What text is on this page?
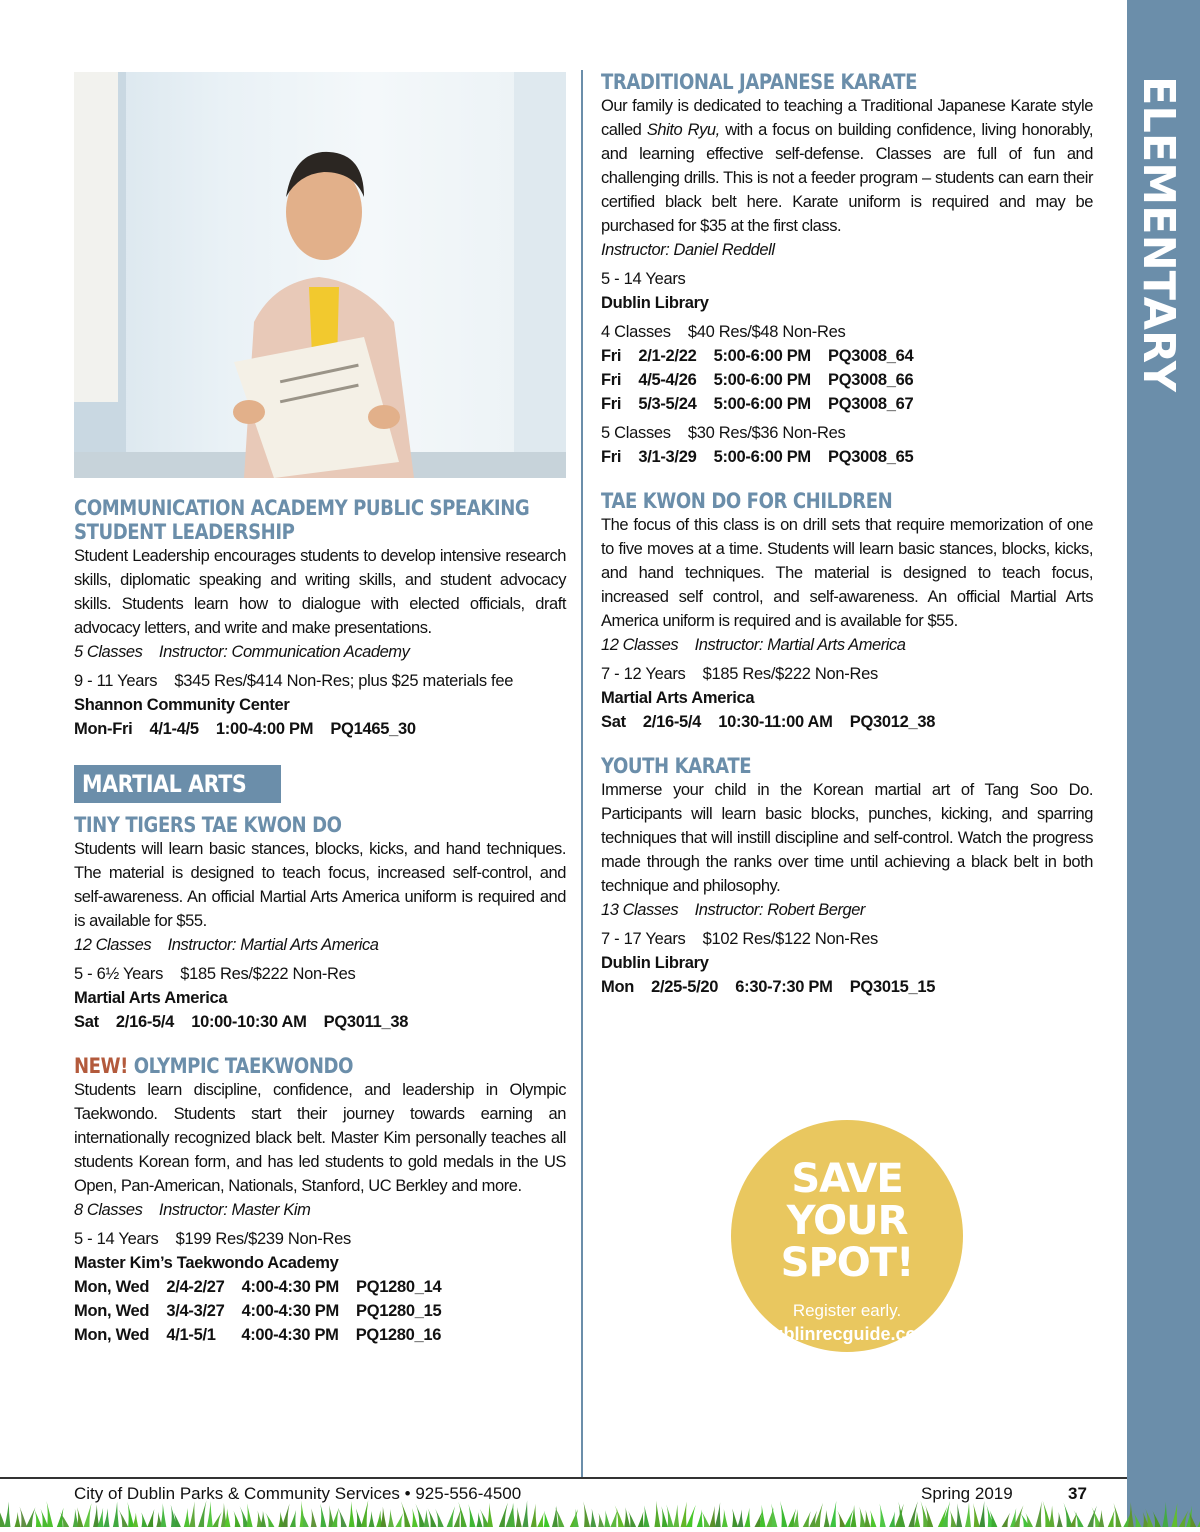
ELEMENTARY

COMMUNICATION ACADEMY PUBLIC SPEAKING

STUDENT LEADERSHIP

Student Leadership encourages students to develop intensive research skills, diplomatic speaking and writing skills, and student advocacy skills. Students learn how to dialogue with elected officials, draft advocacy letters, and write and make presentations.

5 Classes    Instructor: Communication Academy

9 - 11 Years    $345 Res/$414 Non-Res; plus $25 materials fee

Shannon Community Center

Mon-Fri    4/1-4/5    1:00-4:00 PM    PQ1465_30

MARTIAL ARTS

TINY TIGERS TAE KWON DO

Students will learn basic stances, blocks, kicks, and hand techniques. The material is designed to teach focus, increased self-control, and self-awareness. An official Martial Arts America uniform is required and is available for $55.

12 Classes    Instructor: Martial Arts America

5 - 6½ Years    $185 Res/$222 Non-Res

Martial Arts America

Sat    2/16-5/4    10:00-10:30 AM    PQ3011_38

NEW! OLYMPIC TAEKWONDO

Students learn discipline, confidence, and leadership in Olympic Taekwondo. Students start their journey towards earning an internationally recognized black belt. Master Kim personally teaches all students Korean form, and has led students to gold medals in the US Open, Pan-American, Nationals, Stanford, UC Berkley and more.

8 Classes    Instructor: Master Kim

5 - 14 Years    $199 Res/$239 Non-Res

Master Kim’s Taekwondo Academy

Mon, Wed    2/4-2/27    4:00-4:30 PM    PQ1280_14

Mon, Wed    3/4-3/27    4:00-4:30 PM    PQ1280_15

Mon, Wed    4/1-5/1      4:00-4:30 PM    PQ1280_16

TRADITIONAL JAPANESE KARATE

Our family is dedicated to teaching a Traditional Japanese Karate style called Shito Ryu, with a focus on building confidence, living honorably, and learning effective self-defense. Classes are full of fun and challenging drills. This is not a feeder program – students can earn their certified black belt here. Karate uniform is required and may be purchased for $35 at the first class.

Instructor: Daniel Reddell

5 - 14 Years

Dublin Library

4 Classes    $40 Res/$48 Non-Res

Fri    2/1-2/22    5:00-6:00 PM    PQ3008_64

Fri    4/5-4/26    5:00-6:00 PM    PQ3008_66

Fri    5/3-5/24    5:00-6:00 PM    PQ3008_67

5 Classes    $30 Res/$36 Non-Res

Fri    3/1-3/29    5:00-6:00 PM    PQ3008_65

TAE KWON DO FOR CHILDREN

The focus of this class is on drill sets that require memorization of one to five moves at a time. Students will learn basic stances, blocks, kicks, and hand techniques. The material is designed to teach focus, increased self control, and self-awareness. An official Martial Arts America uniform is required and is available for $55.

12 Classes    Instructor: Martial Arts America

7 - 12 Years    $185 Res/$222 Non-Res

Martial Arts America

Sat    2/16-5/4    10:30-11:00 AM    PQ3012_38

YOUTH KARATE

Immerse your child in the Korean martial art of Tang Soo Do. Participants will learn basic blocks, punches, kicking, and sparring techniques that will instill discipline and self-control. Watch the progress made through the ranks over time until achieving a black belt in both technique and philosophy.

13 Classes    Instructor: Robert Berger

7 - 17 Years    $102 Res/$122 Non-Res

Dublin Library

Mon    2/25-5/20    6:30-7:30 PM    PQ3015_15

SAVE
YOUR SPOT!
Register early.
dublinrecguide.com
City of Dublin Parks & Community Services • 925-556-4500	Spring 2019	37
